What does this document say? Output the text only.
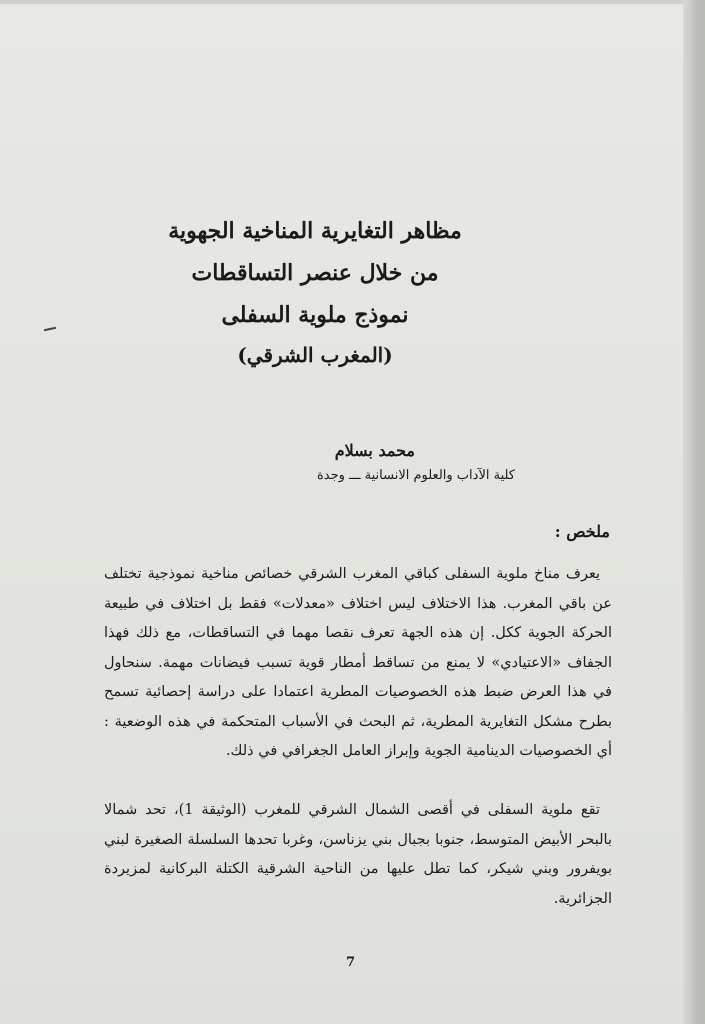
مظاهر التغايرية المناخية الجهوية
من خلال عنصر التساقطات
نموذج ملوية السفلى
(المغرب الشرقي)
محمد بسلام
كلية الآداب والعلوم الانسانية ـــ وجدة
ملخص :

يعرف مناخ ملوية السفلى كباقي المغرب الشرقي خصائص مناخية نموذجية تختلف عن باقي المغرب. هذا الاختلاف ليس اختلاف «معدلات» فقط بل اختلاف في طبيعة الحركة الجوية ككل. إن هذه الجهة تعرف نقصا مهما في التساقطات، مع ذلك فهذا الجفاف «الاعتيادي» لا يمنع من تساقط أمطار قوية تسبب فيضانات مهمة. سنحاول في هذا العرض ضبط هذه الخصوصيات المطرية اعتمادا على دراسة إحصائية تسمح بطرح مشكل التغايرية المطرية، ثم البحث في الأسباب المتحكمة في هذه الوضعية : أي الخصوصيات الدينامية الجوية وإبراز العامل الجغرافي في ذلك.

تقع ملوية السفلى في أقصى الشمال الشرقي للمغرب (الوثيقة 1)، تحد شمالا بالبحر الأبيض المتوسط، جنوبا بجبال بني يزناسن، وغربا تحدها السلسلة الصغيرة لبني بويفرور وبني شيكر، كما تطل عليها من الناحية الشرقية الكتلة البركانية لمزيردة الجزائرية.

7
